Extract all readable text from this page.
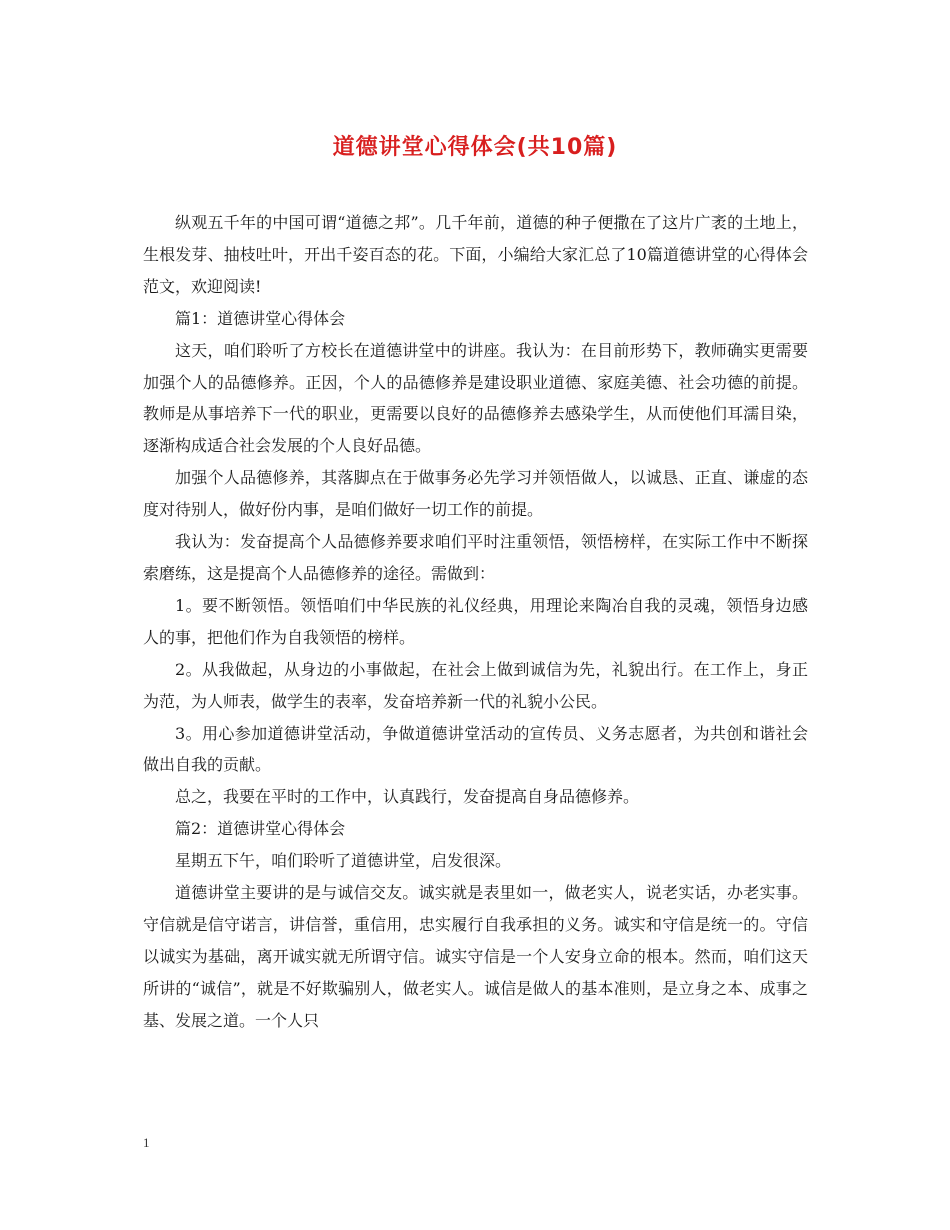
道德讲堂心得体会(共10篇)

纵观五千年的中国可谓“道德之邦”。几千年前，道德的种子便撒在了这片广袤的土地上，生根发芽、抽枝吐叶，开出千姿百态的花。下面，小编给大家汇总了10篇道德讲堂的心得体会范文，欢迎阅读!

篇1：道德讲堂心得体会

这天，咱们聆听了方校长在道德讲堂中的讲座。我认为：在目前形势下，教师确实更需要加强个人的品德修养。正因，个人的品德修养是建设职业道德、家庭美德、社会功德的前提。教师是从事培养下一代的职业，更需要以良好的品德修养去感染学生，从而使他们耳濡目染，逐渐构成适合社会发展的个人良好品德。

加强个人品德修养，其落脚点在于做事务必先学习并领悟做人，以诚恳、正直、谦虚的态度对待别人，做好份内事，是咱们做好一切工作的前提。

我认为：发奋提高个人品德修养要求咱们平时注重领悟，领悟榜样，在实际工作中不断探索磨练，这是提高个人品德修养的途径。需做到：

1。要不断领悟。领悟咱们中华民族的礼仪经典，用理论来陶冶自我的灵魂，领悟身边感人的事，把他们作为自我领悟的榜样。

2。从我做起，从身边的小事做起，在社会上做到诚信为先，礼貌出行。在工作上，身正为范，为人师表，做学生的表率，发奋培养新一代的礼貌小公民。

3。用心参加道德讲堂活动，争做道德讲堂活动的宣传员、义务志愿者，为共创和谐社会做出自我的贡献。

总之，我要在平时的工作中，认真践行，发奋提高自身品德修养。

篇2：道德讲堂心得体会

星期五下午，咱们聆听了道德讲堂，启发很深。

道德讲堂主要讲的是与诚信交友。诚实就是表里如一，做老实人，说老实话，办老实事。守信就是信守诺言，讲信誉，重信用，忠实履行自我承担的义务。诚实和守信是统一的。守信以诚实为基础，离开诚实就无所谓守信。诚实守信是一个人安身立命的根本。然而，咱们这天所讲的“诚信”，就是不好欺骗别人，做老实人。诚信是做人的基本准则，是立身之本、成事之基、发展之道。一个人只

1
